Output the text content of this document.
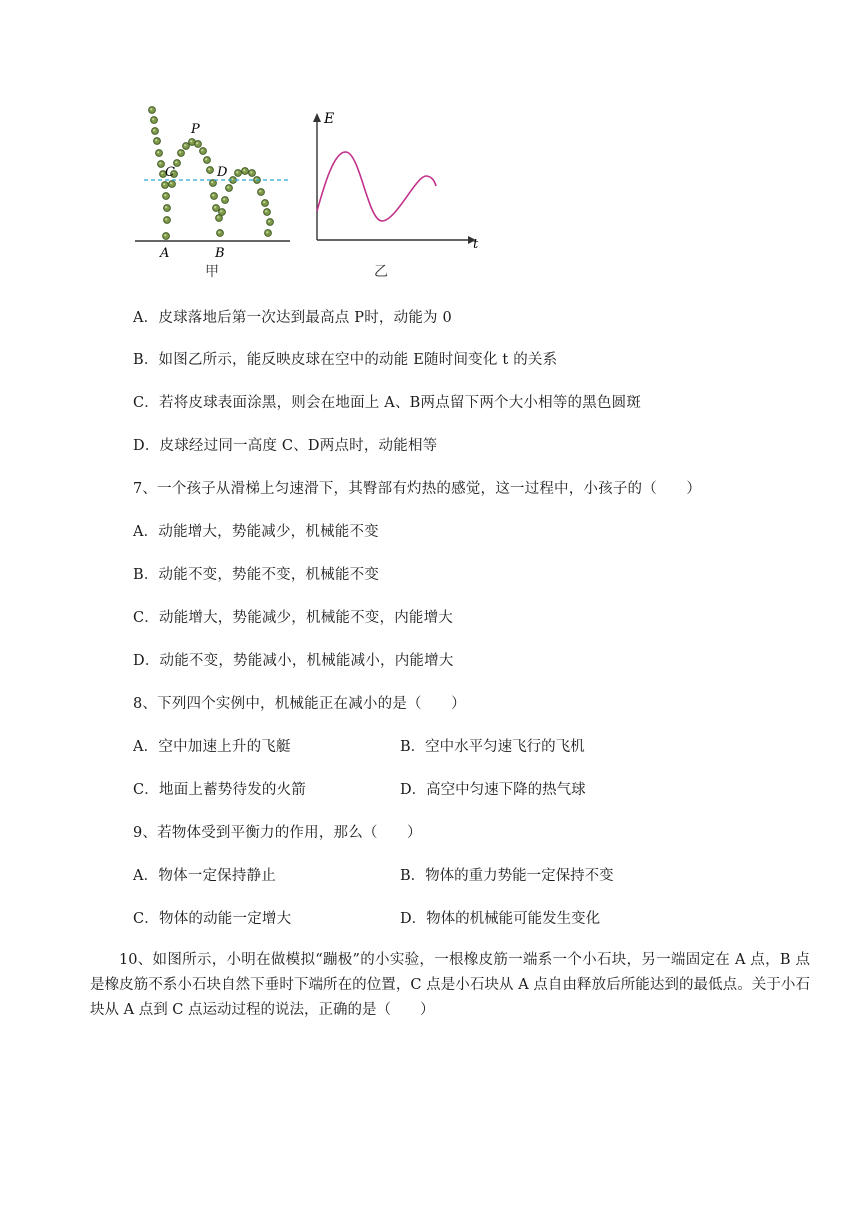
P
C	D
A	B
甲
E
t
乙
A．皮球落地后第一次达到最高点 P时，动能为 0
B．如图乙所示，能反映皮球在空中的动能 E随时间变化 t 的关系
C．若将皮球表面涂黑，则会在地面上 A、B两点留下两个大小相等的黑色圆斑
D．皮球经过同一高度 C、D两点时，动能相等
7、一个孩子从滑梯上匀速滑下，其臀部有灼热的感觉，这一过程中，小孩子的（　　）
A．动能增大，势能减少，机械能不变
B．动能不变，势能不变，机械能不变
C．动能增大，势能减少，机械能不变，内能增大
D．动能不变，势能减小，机械能减小，内能增大
8、下列四个实例中，机械能正在减小的是（　　）
A．空中加速上升的飞艇	B．空中水平匀速飞行的飞机
C．地面上蓄势待发的火箭	D．高空中匀速下降的热气球
9、若物体受到平衡力的作用，那么（　　）
A．物体一定保持静止	B．物体的重力势能一定保持不变
C．物体的动能一定增大	D．物体的机械能可能发生变化
10、如图所示，小明在做模拟“蹦极”的小实验，一根橡皮筋一端系一个小石块，另一端固定在 A 点，B 点是橡皮筋不系小石块自然下垂时下端所在的位置，C 点是小石块从 A 点自由释放后所能达到的最低点。关于小石块从 A 点到 C 点运动过程的说法，正确的是（　　）
